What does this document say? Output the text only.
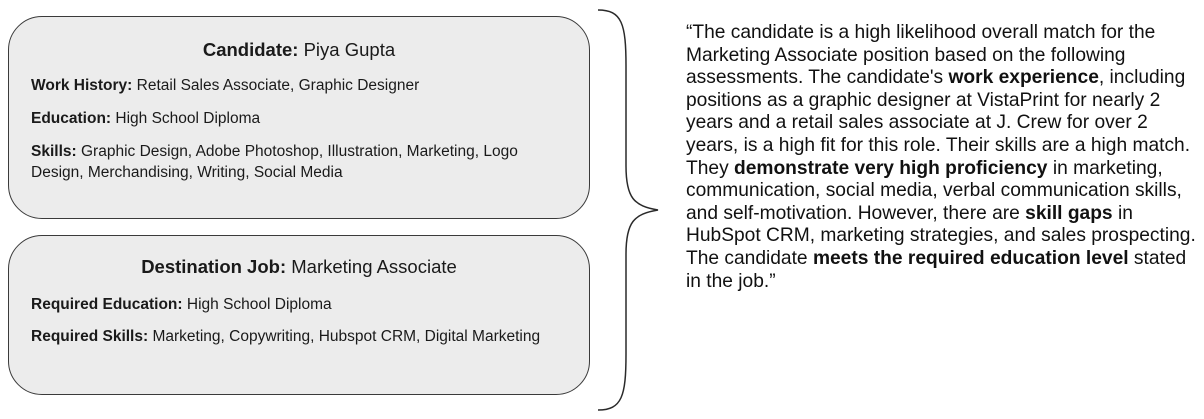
Candidate: Piya Gupta
Work History: Retail Sales Associate, Graphic Designer
Education: High School Diploma
Skills: Graphic Design, Adobe Photoshop, Illustration, Marketing, Logo Design, Merchandising, Writing, Social Media
Destination Job: Marketing Associate
Required Education: High School Diploma
Required Skills: Marketing, Copywriting, Hubspot CRM, Digital Marketing
“The candidate is a high likelihood overall match for the Marketing Associate position based on the following assessments. The candidate's work experience, including positions as a graphic designer at VistaPrint for nearly 2 years and a retail sales associate at J. Crew for over 2 years, is a high fit for this role. Their skills are a high match. They demonstrate very high proficiency in marketing, communication, social media, verbal communication skills, and self-motivation. However, there are skill gaps in HubSpot CRM, marketing strategies, and sales prospecting. The candidate meets the required education level stated in the job.”
